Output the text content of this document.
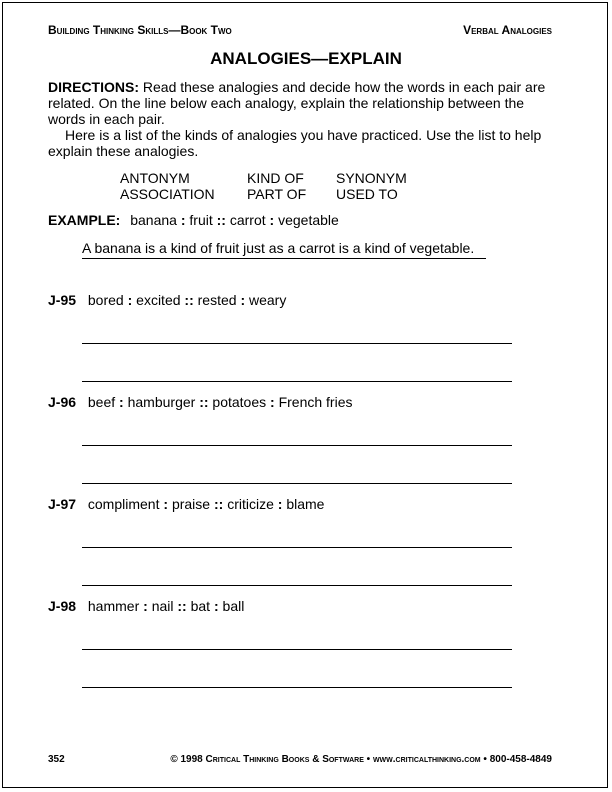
Building Thinking Skills—Book Two	Verbal Analogies
ANALOGIES—EXPLAIN
DIRECTIONS: Read these analogies and decide how the words in each pair are related. On the line below each analogy, explain the relationship between the words in each pair.
Here is a list of the kinds of analogies you have practiced. Use the list to help explain these analogies.
ANTONYM
ASSOCIATION
KIND OF
PART OF
SYNONYM
USED TO
EXAMPLE: banana : fruit :: carrot : vegetable
A banana is a kind of fruit just as a carrot is a kind of vegetable.
J-95 bored : excited :: rested : weary
J-96 beef : hamburger :: potatoes : French fries
J-97 compliment : praise :: criticize : blame
J-98 hammer : nail :: bat : ball
352	© 1998 Critical Thinking Books & Software • www.criticalthinking.com • 800-458-4849
